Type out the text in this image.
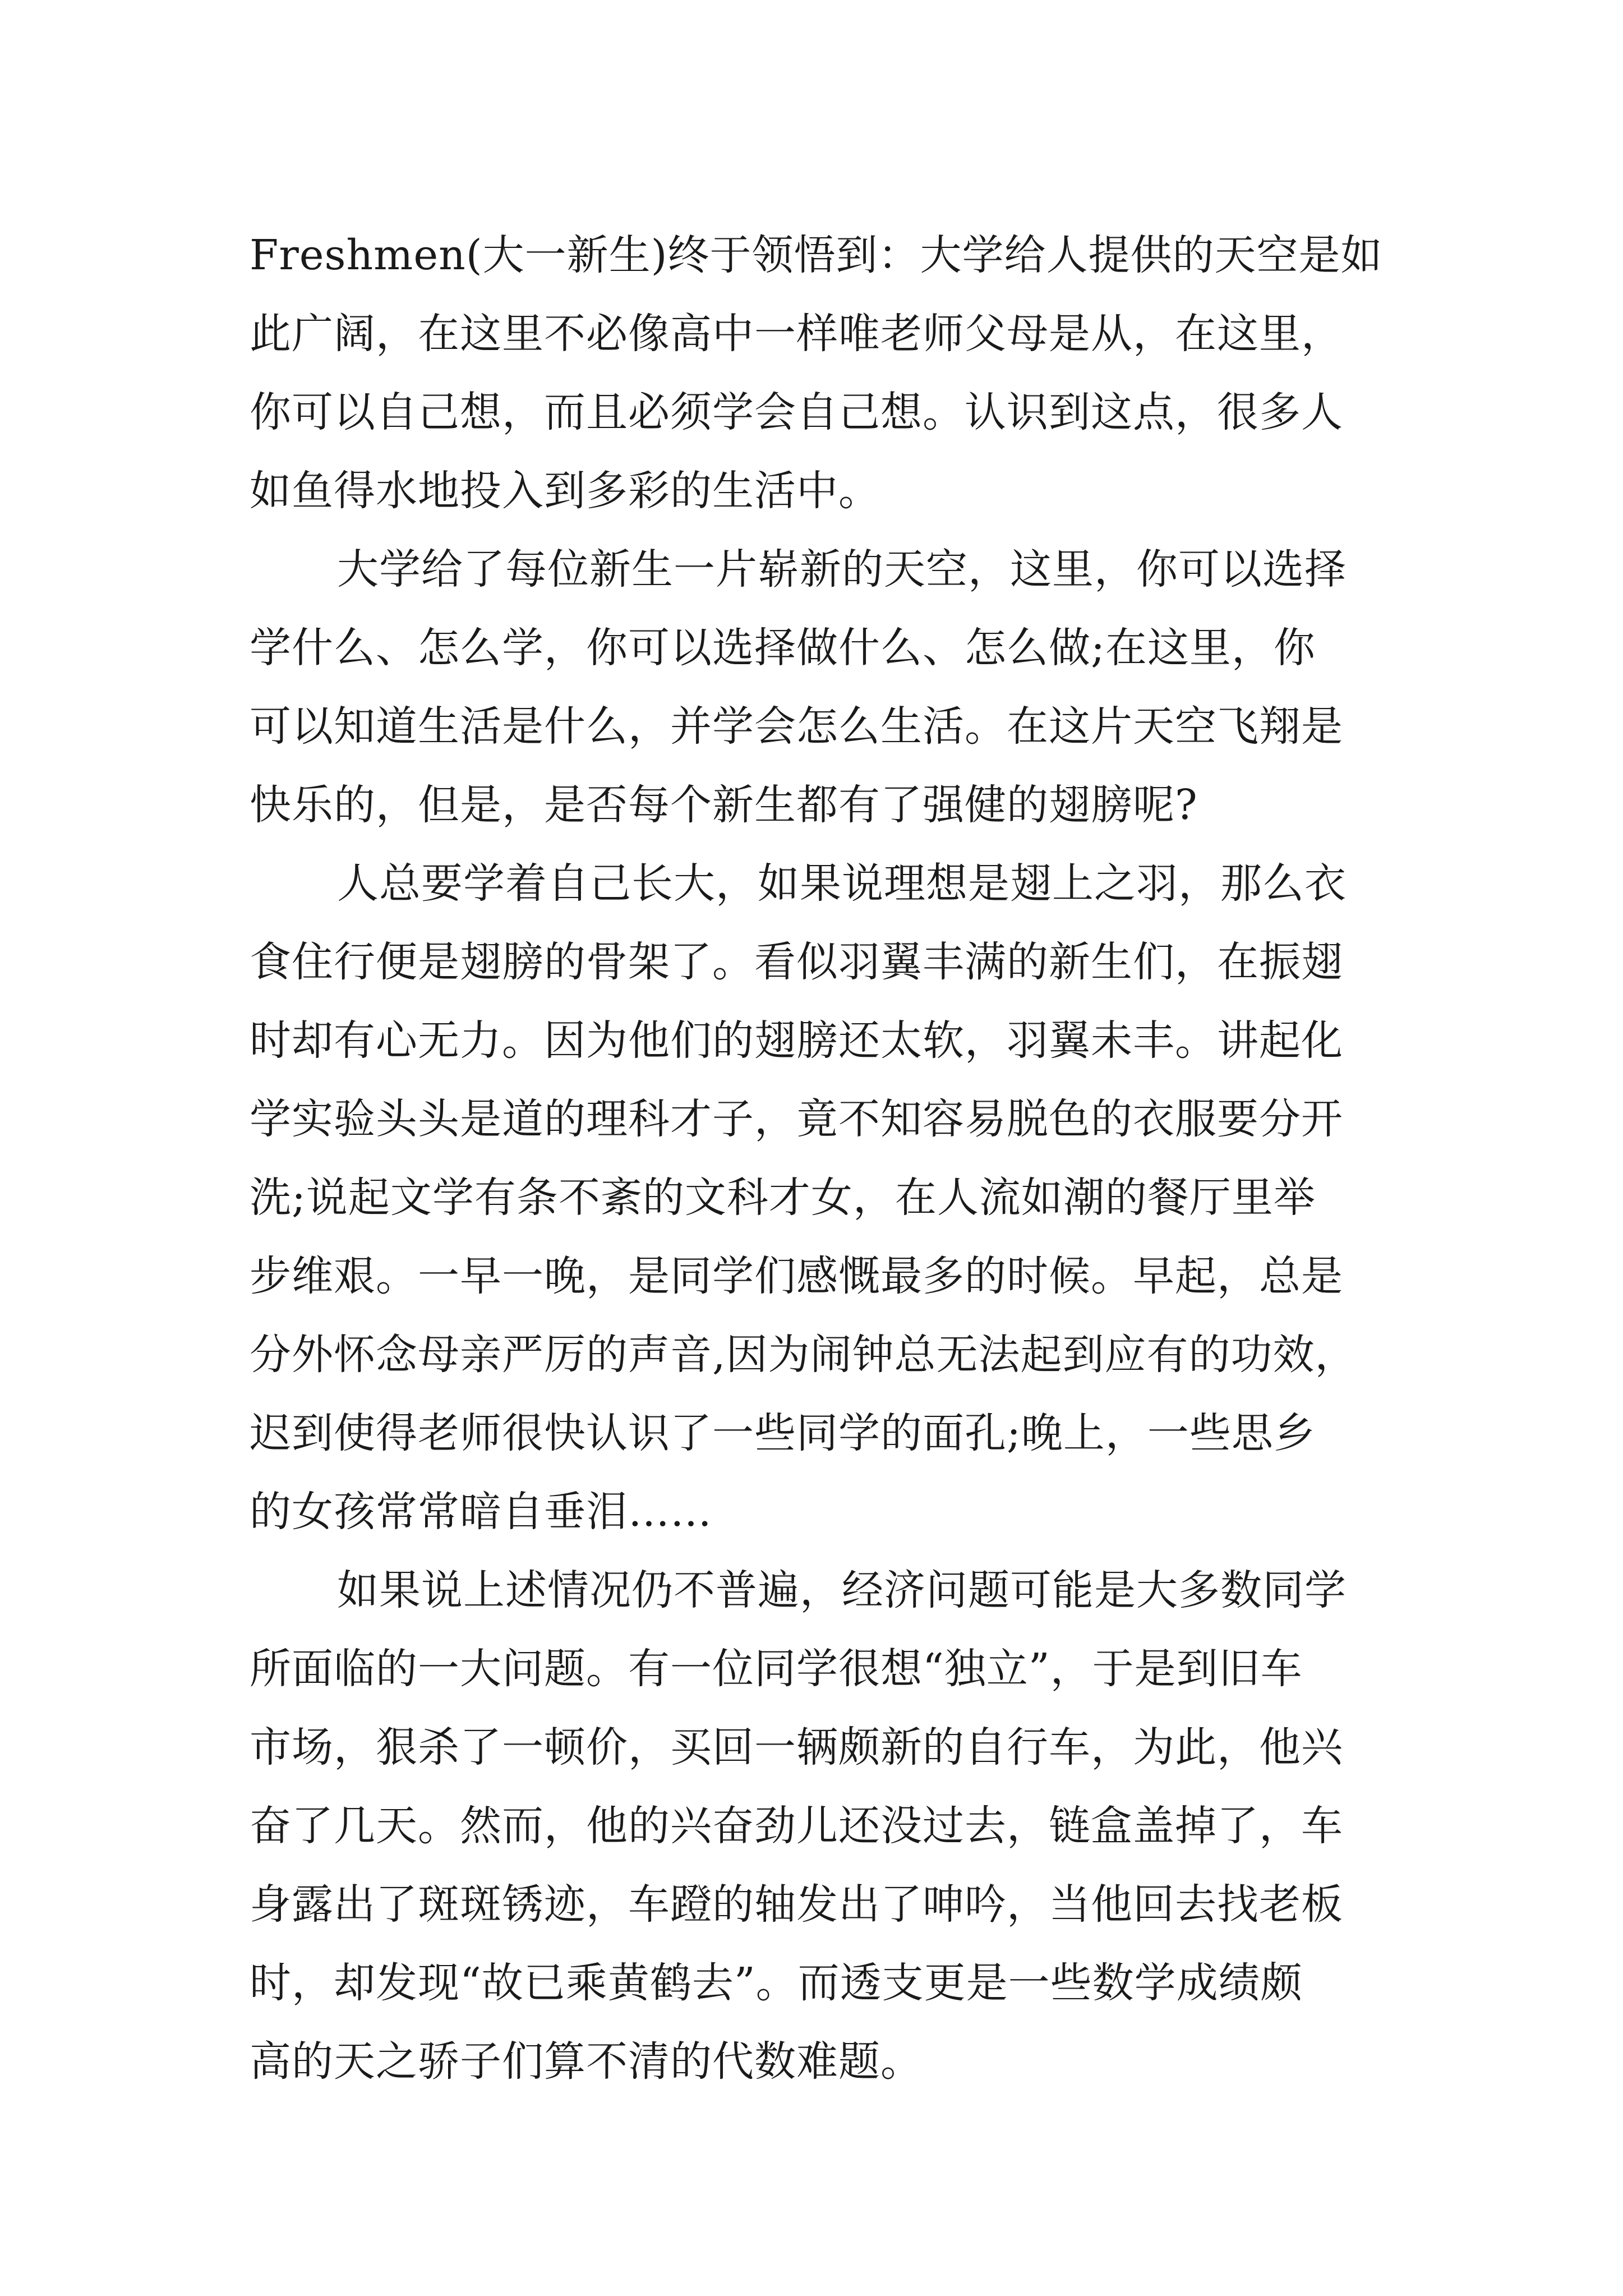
Freshmen(大一新生)终于领悟到：大学给人提供的天空是如
此广阔，在这里不必像高中一样唯老师父母是从，在这里，
你可以自己想，而且必须学会自己想。认识到这点，很多人
如鱼得水地投入到多彩的生活中。
大学给了每位新生一片崭新的天空，这里，你可以选择
学什么、怎么学，你可以选择做什么、怎么做;在这里，你
可以知道生活是什么，并学会怎么生活。在这片天空飞翔是
快乐的，但是，是否每个新生都有了强健的翅膀呢?
人总要学着自己长大，如果说理想是翅上之羽，那么衣
食住行便是翅膀的骨架了。看似羽翼丰满的新生们，在振翅
时却有心无力。因为他们的翅膀还太软，羽翼未丰。讲起化
学实验头头是道的理科才子，竟不知容易脱色的衣服要分开
洗;说起文学有条不紊的文科才女，在人流如潮的餐厅里举
步维艰。一早一晚，是同学们感慨最多的时候。早起，总是
分外怀念母亲严厉的声音,因为闹钟总无法起到应有的功效，
迟到使得老师很快认识了一些同学的面孔;晚上，一些思乡
的女孩常常暗自垂泪……
如果说上述情况仍不普遍，经济问题可能是大多数同学
所面临的一大问题。有一位同学很想“独立”，于是到旧车
市场，狠杀了一顿价，买回一辆颇新的自行车，为此，他兴
奋了几天。然而，他的兴奋劲儿还没过去，链盒盖掉了，车
身露出了斑斑锈迹，车蹬的轴发出了呻吟，当他回去找老板
时，却发现“故已乘黄鹤去”。而透支更是一些数学成绩颇
高的天之骄子们算不清的代数难题。
